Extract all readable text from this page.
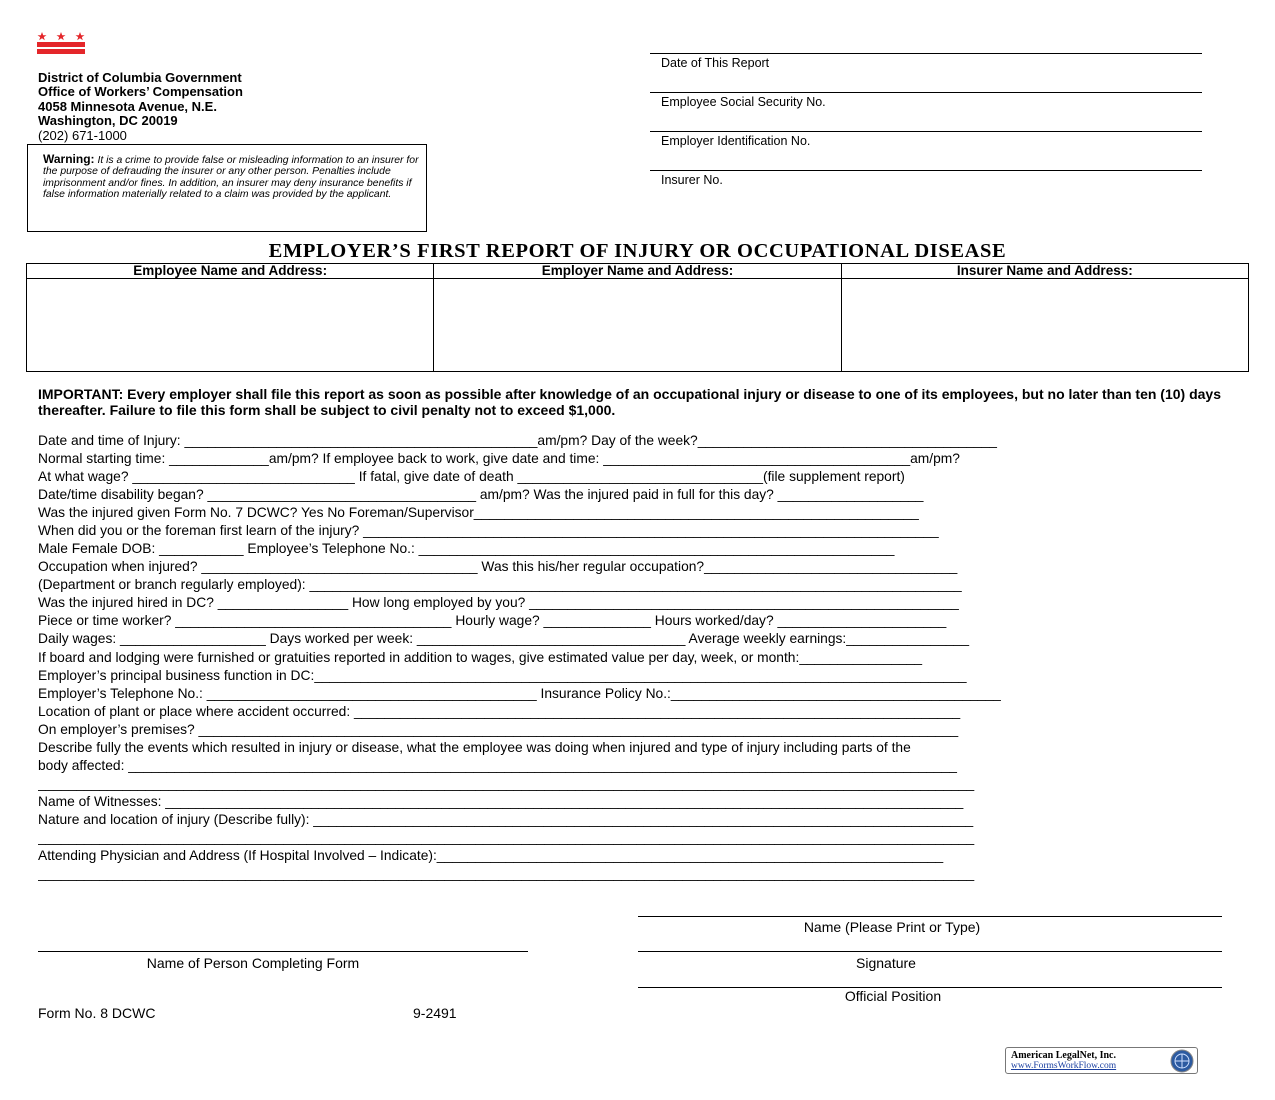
District of Columbia Government
Office of Workers’ Compensation
4058 Minnesota Avenue, N.E.
Washington, DC 20019
(202) 671-1000
Warning: It is a crime to provide false or misleading information to an insurer for the purpose of defrauding the insurer or any other person. Penalties include imprisonment and/or fines. In addition, an insurer may deny insurance benefits if false information materially related to a claim was provided by the applicant.
Date of This Report
Employee Social Security No.
Employer Identification No.
Insurer No.
EMPLOYER’S FIRST REPORT OF INJURY OR OCCUPATIONAL DISEASE
Employee Name and Address:	Employer Name and Address:	Insurer Name and Address:
IMPORTANT: Every employer shall file this report as soon as possible after knowledge of an occupational injury or disease to one of its employees, but no later than ten (10) days thereafter. Failure to file this form shall be subject to civil penalty not to exceed $1,000.
Date and time of Injury: ______________________________________________am/pm? Day of the week?_______________________________________
Normal starting time: _____________am/pm? If employee back to work, give date and time: ________________________________________am/pm?
At what wage? _____________________________ If fatal, give date of death ________________________________(file supplement report)
Date/time disability began? ___________________________________ am/pm? Was the injured paid in full for this day? ___________________
Was the injured given Form No. 7 DCWC? Yes No Foreman/Supervisor__________________________________________________________
When did you or the foreman first learn of the injury? ___________________________________________________________________________
Male Female DOB: ___________ Employee’s Telephone No.: ______________________________________________________________
Occupation when injured? ____________________________________ Was this his/her regular occupation?_________________________________
(Department or branch regularly employed): _____________________________________________________________________________________
Was the injured hired in DC? _________________ How long employed by you? ________________________________________________________
Piece or time worker? ____________________________________ Hourly wage? ______________ Hours worked/day? ______________________
Daily wages: ___________________ Days worked per week: ___________________________________ Average weekly earnings:________________
If board and lodging were furnished or gratuities reported in addition to wages, give estimated value per day, week, or month:________________
Employer’s principal business function in DC:_____________________________________________________________________________________
Employer’s Telephone No.: ___________________________________________ Insurance Policy No.:___________________________________________
Location of plant or place where accident occurred: _______________________________________________________________________________
On employer’s premises? ___________________________________________________________________________________________________
Describe fully the events which resulted in injury or disease, what the employee was doing when injured and type of injury including parts of the
body affected: ____________________________________________________________________________________________________________
__________________________________________________________________________________________________________________________
Name of Witnesses: ________________________________________________________________________________________________________
Nature and location of injury (Describe fully): ______________________________________________________________________________________
__________________________________________________________________________________________________________________________
Attending Physician and Address (If Hospital Involved – Indicate):__________________________________________________________________
__________________________________________________________________________________________________________________________
Name (Please Print or Type)
Name of Person Completing Form	Signature
Official Position
Form No. 8 DCWC	9-2491
American LegalNet, Inc.
www.FormsWorkFlow.com
